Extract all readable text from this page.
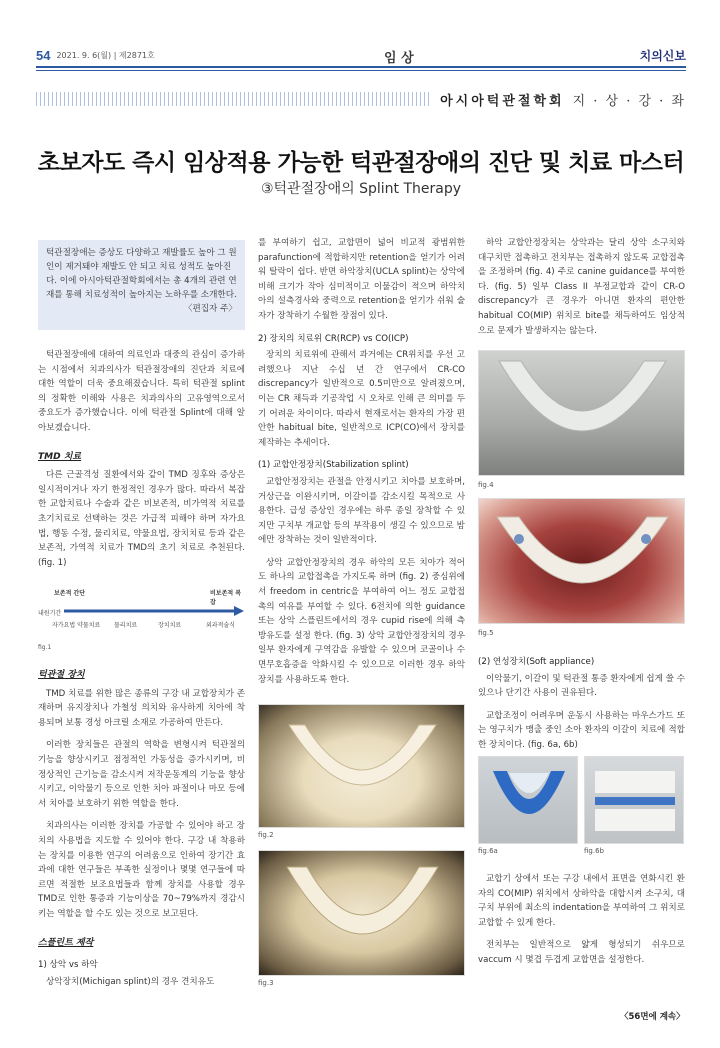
54 2021. 9. 6(월) | 제2871호	임 상	치의신보
아시아턱관절학회 지 · 상 · 강 · 좌
초보자도 즉시 임상적용 가능한 턱관절장애의 진단 및 치료 마스터
③턱관절장애의 Splint Therapy
턱관절장애는 증상도 다양하고 재발률도 높아 그 원인이 제거돼야 재발도 안 되고 치료 성적도 높아진다. 이에 아시아턱관절학회에서는 총 4개의 관련 연재를 통해 치료성적이 높아지는 노하우를 소개한다.
〈편집자 주〉

턱관절장애에 대하여 의료인과 대중의 관심이 증가하는 시점에서 치과의사가 턱관절장애의 진단과 치료에 대한 역할이 더욱 중요해졌습니다. 특히 턱관절 splint의 정확한 이해와 사용은 치과의사의 고유영역으로서 중요도가 증가했습니다. 이에 턱관절 Splint에 대해 알아보겠습니다.

TMD 치료

다른 근골격성 질환에서와 같이 TMD 징후와 증상은 일시적이거나 자기 한정적인 경우가 많다. 따라서 복잡한 교합치료나 수술과 같은 비보존적, 비가역적 치료를 초기치료로 선택하는 것은 가급적 피해야 하며 자가요법, 행동 수정, 물리치료, 약물요법, 장치치료 등과 같은 보존적, 가역적 치료가 TMD의 초기 치료로 추천된다. (fig. 1)

보존적 간단	비보존적 복잡
내원기간
자가요법 약물치료 물리치료	장치치료	외과적술식
fig.1
턱관절 장치

TMD 치료를 위한 많은 종류의 구강 내 교합장치가 존재하며 유지장치나 가철성 의치와 유사하게 치아에 착용되며 보통 경성 아크릴 소재로 가공하여 만든다.

이러한 장치들은 관절의 역학을 변형시켜 턱관절의 기능을 향상시키고 점정적인 가동성을 증가시키며, 비정상적인 근기능을 감소시켜 저작운동계의 기능을 향상시키고, 이악물기 등으로 인한 치아 파절이나 마모 등에서 치아를 보호하기 위한 역할을 한다.

치과의사는 이러한 장치를 가공할 수 있어야 하고 장치의 사용법을 지도할 수 있어야 한다. 구강 내 착용하는 장치를 이용한 연구의 어려움으로 인하여 장기간 효과에 대한 연구들은 부족한 실정이나 몇몇 연구들에 따르면 적절한 보조요법들과 함께 장치를 사용할 경우 TMD로 인한 통증과 기능이상을 70~79%까지 경감시키는 역할을 할 수도 있는 것으로 보고된다.

스플린트 제작
1) 상악 vs 하악

상악장치(Michigan splint)의 경우 견치유도

를 부여하기 쉽고, 교합면이 넓어 비교적 광범위한 parafunction에 적합하지만 retention을 얻기가 어려워 탈락이 쉽다. 반면 하악장치(UCLA splint)는 상악에 비해 크기가 작아 심미적이고 이물감이 적으며 하악치아의 설측경사와 중력으로 retention을 얻기가 쉬워 술자가 장착하기 수월한 장점이 있다.

2) 장치의 치료위 CR(RCP) vs CO(ICP)

장치의 치료위에 관해서 과거에는 CR위치를 우선 고려했으나 지난 수십 년 간 연구에서 CR-CO discrepancy가 일반적으로 0.5미만으로 알려졌으며, 이는 CR 채득과 기공작업 시 오차로 인해 큰 의미를 두기 어려운 차이이다. 따라서 현재로서는 환자의 가장 편안한 habitual bite, 일반적으로 ICP(CO)에서 장치를 제작하는 추세이다.

(1) 교합안정장치(Stabilization splint)

교합안정장치는 관절을 안정시키고 치아를 보호하며, 거상근을 이완시키며, 이갈이를 감소시킬 목적으로 사용한다. 급성 증상인 경우에는 하루 종일 장착할 수 있지만 구치부 개교합 등의 부작용이 생길 수 있으므로 밤에만 장착하는 것이 일반적이다.

상악 교합안정장치의 경우 하악의 모든 치아가 적어도 하나의 교합접촉을 가지도록 하며 (fig. 2) 중심위에서 freedom in centric을 부여하여 어느 정도 교합접촉의 여유를 부여할 수 있다. 6전치에 의한 guidance 또는 상악 스플린트에서의 경우 cupid rise에 의해 측방유도를 설정 한다. (fig. 3) 상악 교합안정장치의 경우 일부 환자에게 구역감을 유발할 수 있으며 코골이나 수면무호흡증을 악화시킬 수 있으므로 이러한 경우 하악 장치를 사용하도록 한다.

fig.2
fig.3

하악 교합안정장치는 상악과는 달리 상악 소구치와 대구치만 접촉하고 전치부는 접촉하지 않도록 교합접촉을 조정하며 (fig. 4) 주로 canine guidance를 부여한다. (fig. 5) 일부 Class II 부정교합과 같이 CR-O discrepancy가 큰 경우가 아니면 환자의 편안한 habitual CO(MIP) 위치로 bite를 채득하여도 임상적으로 문제가 발생하지는 않는다.

fig.4
fig.5
(2) 연성장치(Soft appliance)

이악물기, 이갈이 및 턱관절 통증 환자에게 쉽게 쓸 수 있으나 단기간 사용이 권유된다.

교합조정이 어려우며 운동시 사용하는 마우스가드 또는 영구치가 맹출 중인 소아 환자의 이갈이 치료에 적합한 장치이다. (fig. 6a, 6b)

fig.6a	fig.6b

교합기 상에서 또는 구강 내에서 표면을 연화시킨 환자의 CO(MIP) 위치에서 상하악을 대합시켜 소구치, 대구치 부위에 최소의 indentation을 부여하여 그 위치로 교합할 수 있게 한다.

전치부는 일반적으로 얇게 형성되기 쉬우므로 vaccum 시 몇겹 두겹게 교합면을 설정한다.

〈56면에 계속〉
